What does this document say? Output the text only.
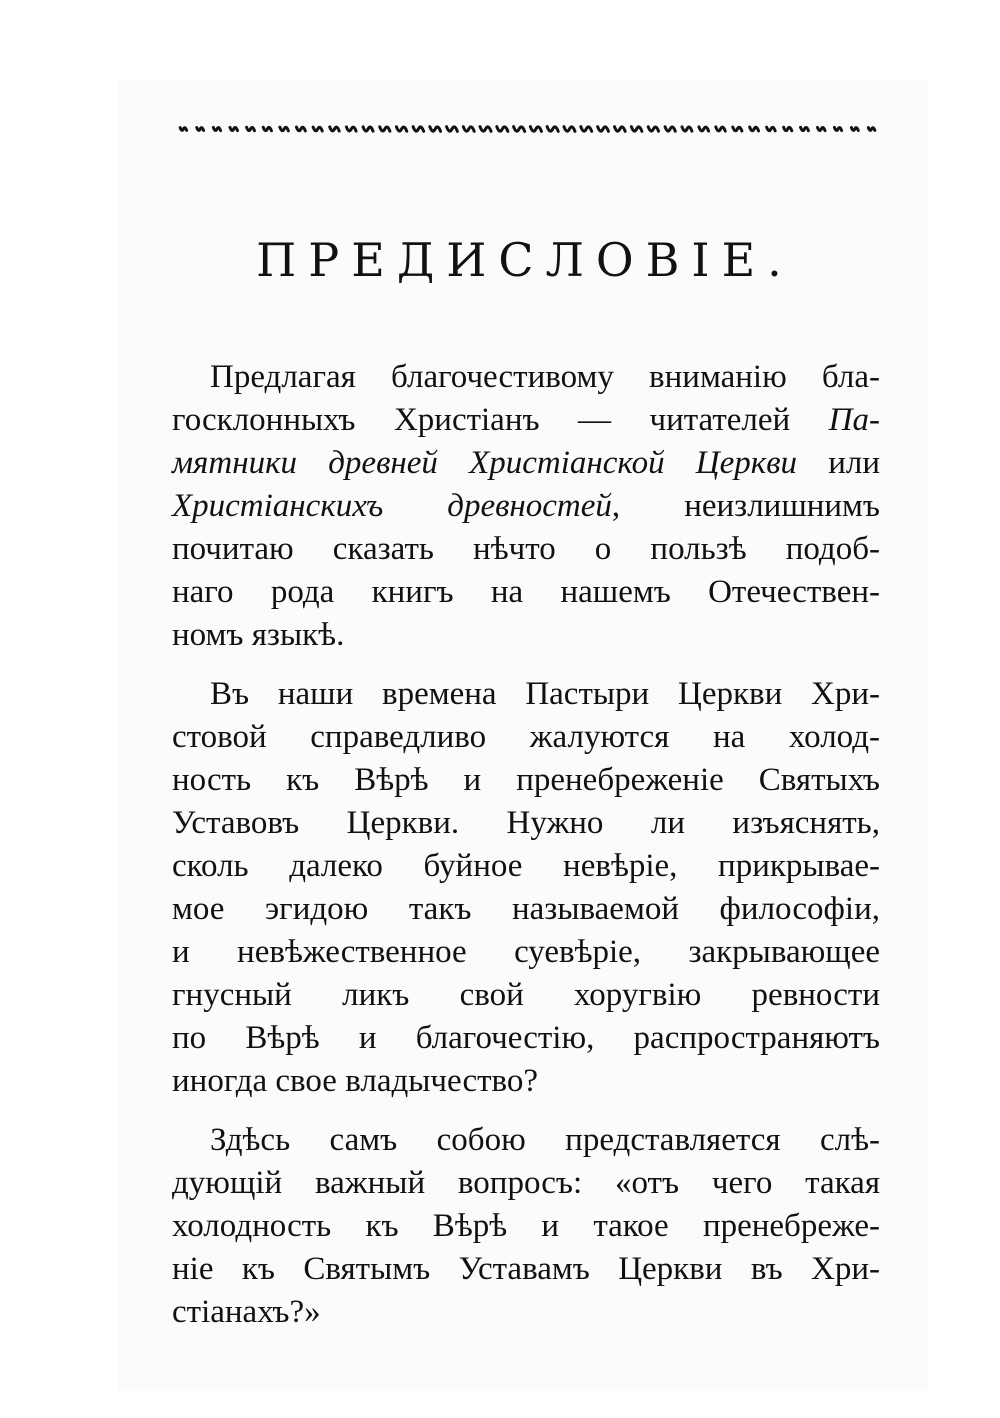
ПРЕДИСЛОВІЕ.

Предлагая благочестивому вниманію бла-
госклонныхъ Христіанъ — читателей Па-
мятники древней Христіанской Церкви или
Христіанскихъ древностей, неизлишнимъ
почитаю сказать нѣчто о пользѣ подоб-
наго рода книгъ на нашемъ Отечествен-
номъ языкѣ.

Въ наши времена Пастыри Церкви Хри-
стовой справедливо жалуются на холод-
ность къ Вѣрѣ и пренебреженіе Святыхъ
Уставовъ Церкви. Нужно ли изъяснять,
сколь далеко буйное невѣріе, прикрывае-
мое эгидою такъ называемой философіи,
и невѣжественное суевѣріе, закрывающее
гнусный ликъ свой хоругвію ревности
по Вѣрѣ и благочестію, распространяютъ
иногда свое владычество?

Здѣсь самъ собою представляется слѣ-
дующій важный вопросъ: «отъ чего такая
холодность къ Вѣрѣ и такое пренебреже-
ніе къ Святымъ Уставамъ Церкви въ Хри-
стіанахъ?»
